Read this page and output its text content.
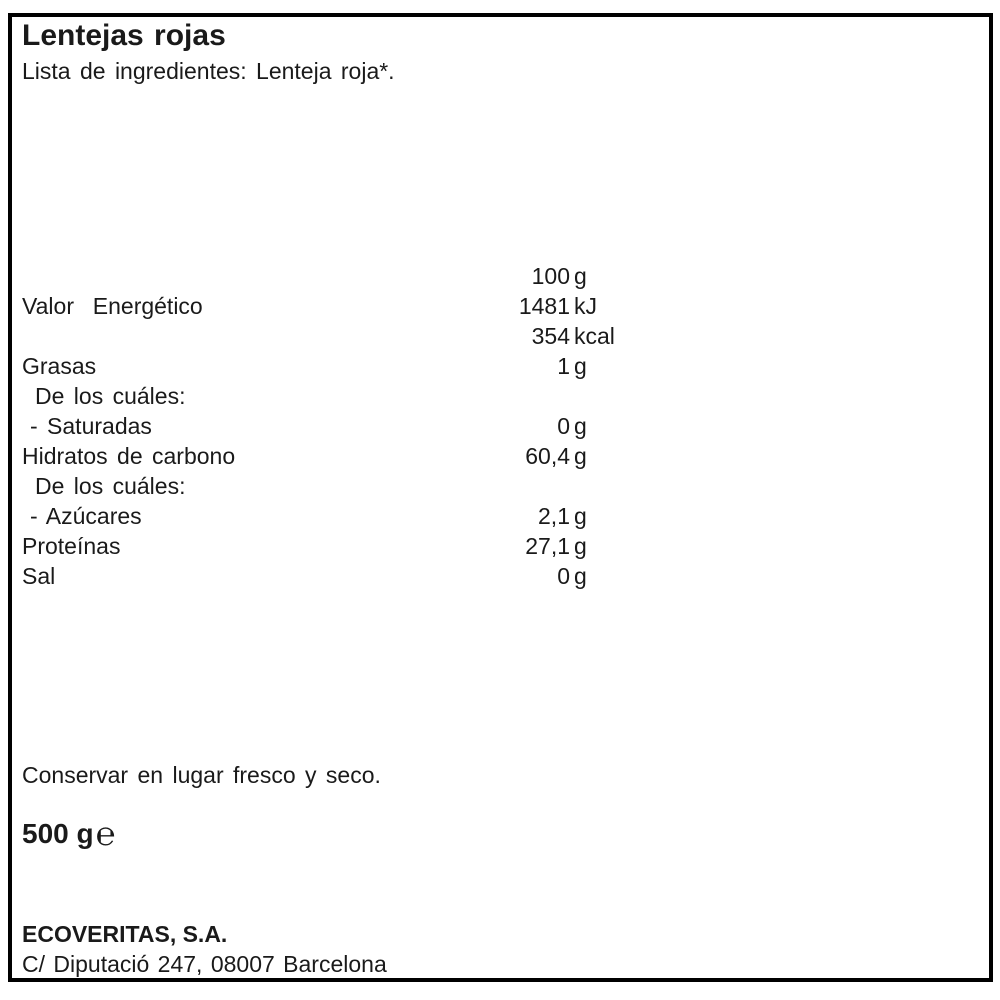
Lentejas rojas
Lista de ingredientes: Lenteja roja*.
100 g
Valor  Energético	1481 kJ
354 kcal
Grasas	1 g
De los cuáles:
- Saturadas	0 g
Hidratos de carbono	60,4 g
De los cuáles:
- Azúcares	2,1 g
Proteínas	27,1 g
Sal	0 g
Conservar en lugar fresco y seco.
500 g℮
ECOVERITAS, S.A.
C/ Diputació 247, 08007 Barcelona
